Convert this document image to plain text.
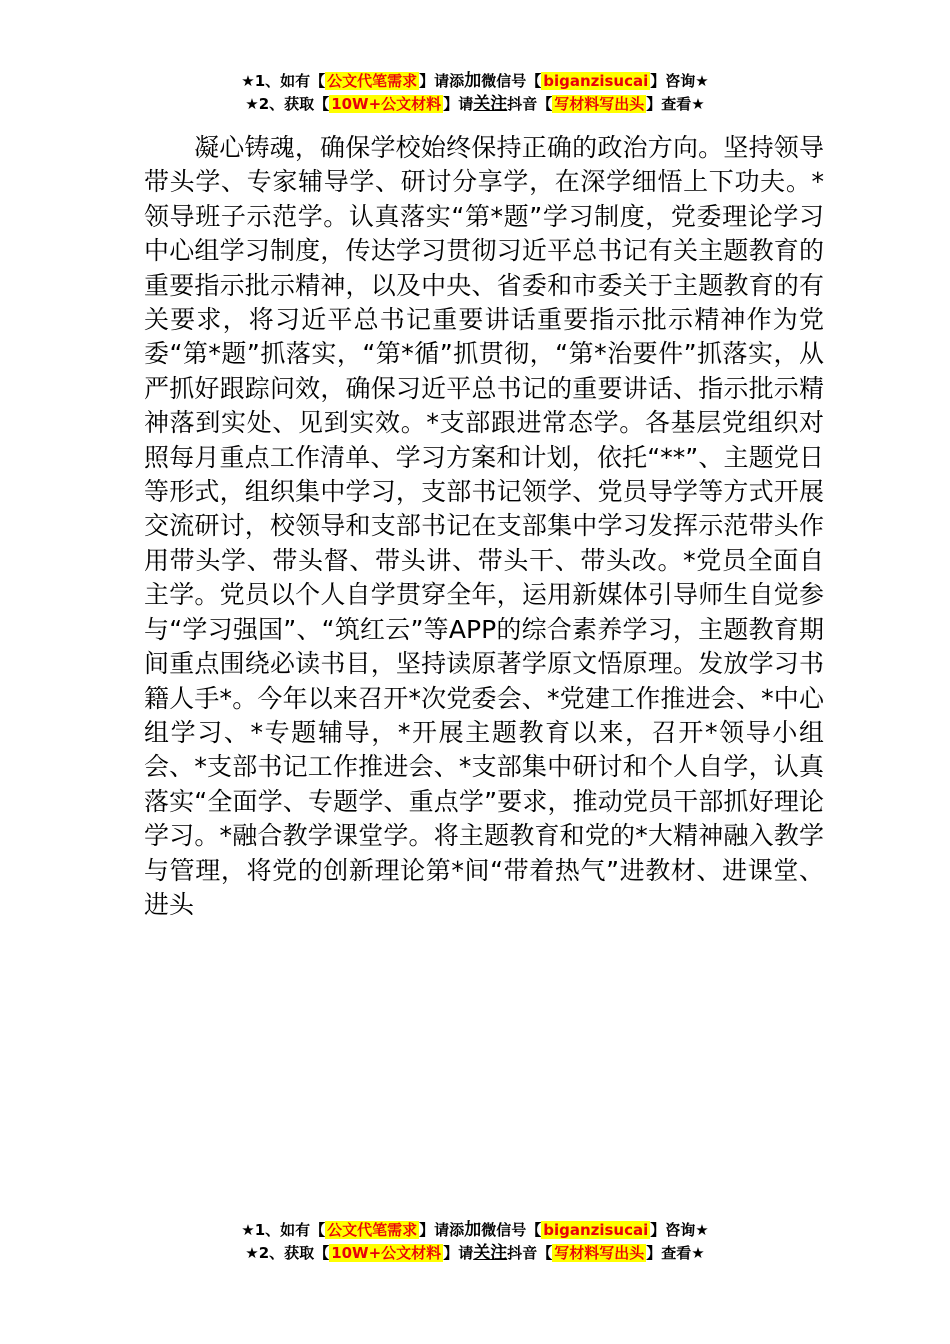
★1、如有【 公文代笔需求 】请添加微信号【 biganzisucai 】咨询★
★2、获取【 10W+公文材料 】请关注抖音【 写材料写出头 】查看★

凝心铸魂，确保学校始终保持正确的政治方向。坚持领导带头学、专家辅导学、研讨分享学，在深学细悟上下功夫。*领导班子示范学。认真落实“第*题”学习制度，党委理论学习中心组学习制度，传达学习贯彻习近平总书记有关主题教育的重要指示批示精神，以及中央、省委和市委关于主题教育的有关要求，将习近平总书记重要讲话重要指示批示精神作为党委“第*题”抓落实，“第*循”抓贯彻，“第*治要件”抓落实，从严抓好跟踪问效，确保习近平总书记的重要讲话、指示批示精神落到实处、见到实效。*支部跟进常态学。各基层党组织对照每月重点工作清单、学习方案和计划，依托“**”、主题党日等形式，组织集中学习，支部书记领学、党员导学等方式开展交流研讨，校领导和支部书记在支部集中学习发挥示范带头作用带头学、带头督、带头讲、带头干、带头改。*党员全面自主学。党员以个人自学贯穿全年，运用新媒体引导师生自觉参与“学习强国”、“筑红云”等APP的综合素养学习，主题教育期间重点围绕必读书目，坚持读原著学原文悟原理。发放学习书籍人手*。今年以来召开*次党委会、*党建工作推进会、*中心组学习、*专题辅导，*开展主题教育以来，召开*领导小组会、*支部书记工作推进会、*支部集中研讨和个人自学，认真落实“全面学、专题学、重点学”要求，推动党员干部抓好理论学习。*融合教学课堂学。将主题教育和党的*大精神融入教学与管理，将党的创新理论第*间“带着热气”进教材、进课堂、进头

★1、如有【 公文代笔需求 】请添加微信号【 biganzisucai 】咨询★
★2、获取【 10W+公文材料 】请关注抖音【 写材料写出头 】查看★
